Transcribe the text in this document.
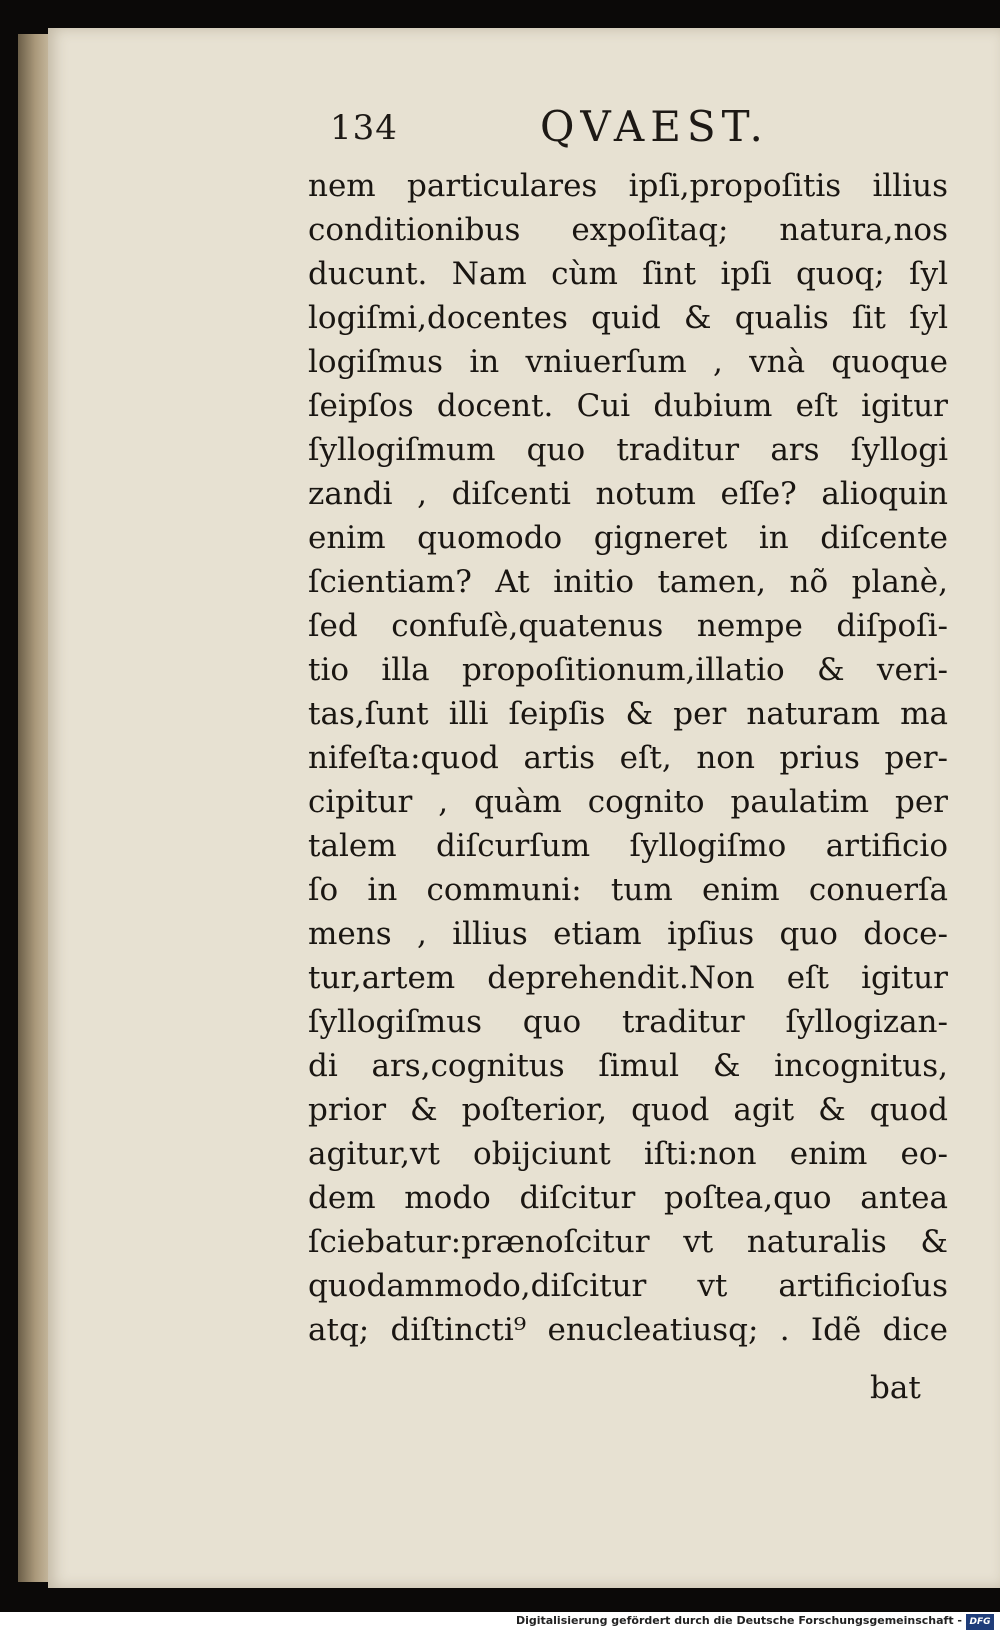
134	QVAEST.
nem particulares ipſi,propoſitis illius
conditionibus expoſitaq; natura,nos
ducunt. Nam cùm ſint ipſi quoq; ſyl
logiſmi,docentes quid & qualis ſit ſyl
logiſmus in vniuerſum , vnà quoque
ſeipſos docent. Cui dubium eſt igitur
ſyllogiſmum quo traditur ars ſyllogi
zandi , diſcenti notum eſſe? alioquin
enim quomodo gigneret in diſcente
ſcientiam? At initio tamen, nõ planè,
ſed confuſè,quatenus nempe diſpoſi-
tio illa propoſitionum,illatio & veri-
tas,ſunt illi ſeipſis & per naturam ma
nifeſta:quod artis eſt, non prius per-
cipitur , quàm cognito paulatim per
talem diſcurſum ſyllogiſmo artificio
ſo in communi: tum enim conuerſa
mens , illius etiam ipſius quo doce-
tur,artem deprehendit.Non eſt igitur
ſyllogiſmus quo traditur ſyllogizan-
di ars,cognitus ſimul & incognitus,
prior & poſterior, quod agit & quod
agitur,vt obijciunt iſti:non enim eo-
dem modo diſcitur poſtea,quo antea
ſciebatur:prænoſcitur vt naturalis &
quodammodo,diſcitur vt artificioſus
atq; diſtincti⁹ enucleatiusq; . Idẽ dice
bat
Digitalisierung gefördert durch die Deutsche Forschungsgemeinschaft - DFG
